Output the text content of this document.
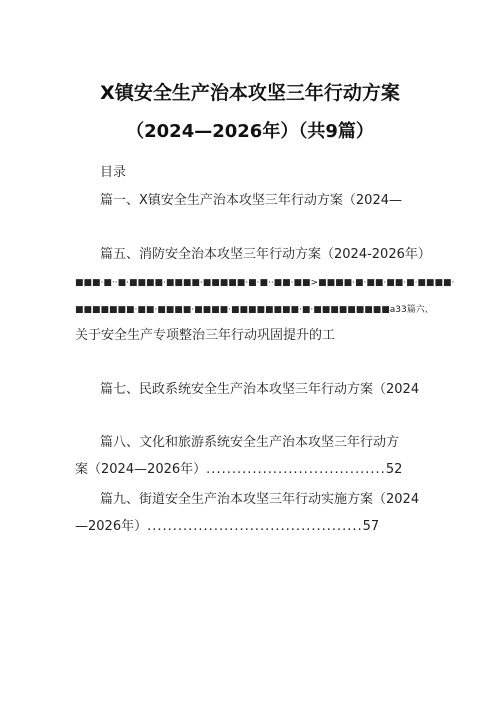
X镇安全生产治本攻坚三年行动方案
（2024—2026年）（共9篇）
目录
篇一、X镇安全生产治本攻坚三年行动方案（2024—
篇五、消防安全治本攻坚三年行动方案（2024-2026年）
■■■·■··■·■■■■·■■■■·■■■■■·■·■··■■·■■>■■■■·■·■■·■■·■·■■■■·
■■■■■■■·■■·■■■■·■■■■·■■■■■■■■·■·■■■■■■■■■a33篇六、
关于安全生产专项整治三年行动巩固提升的工
篇七、民政系统安全生产治本攻坚三年行动方案（2024
篇八、文化和旅游系统安全生产治本攻坚三年行动方
案（2024—2026年）...................................52
篇九、街道安全生产治本攻坚三年行动实施方案（2024
—2026年）..........................................57
